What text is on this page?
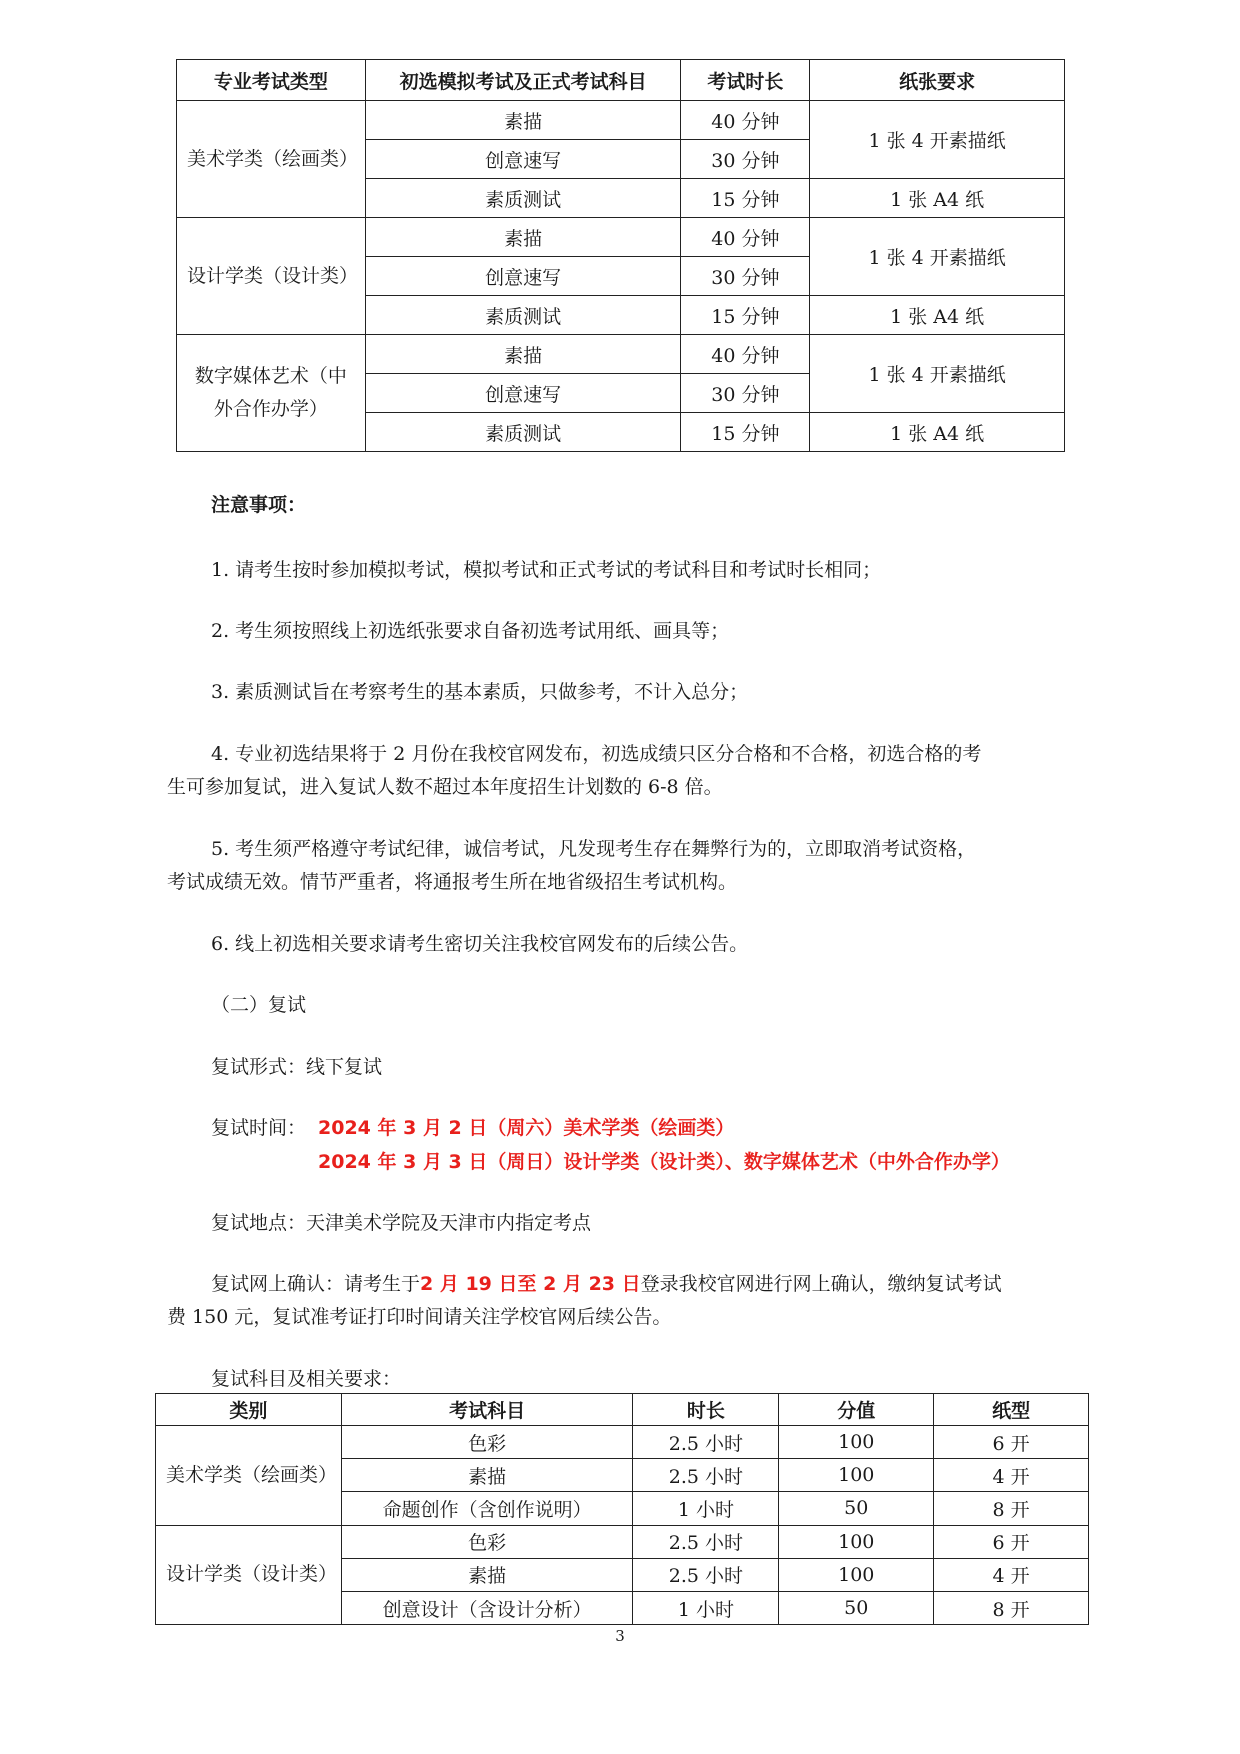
专业考试类型	初选模拟考试及正式考试科目	考试时长	纸张要求
美术学类（绘画类）	素描	40 分钟	1 张 4 开素描纸
	创意速写	30 分钟	
	素质测试	15 分钟	1 张 A4 纸
设计学类（设计类）	素描	40 分钟	1 张 4 开素描纸
	创意速写	30 分钟	
	素质测试	15 分钟	1 张 A4 纸
数字媒体艺术（中外合作办学）	素描	40 分钟	1 张 4 开素描纸
	创意速写	30 分钟	
	素质测试	15 分钟	1 张 A4 纸
注意事项：
1. 请考生按时参加模拟考试，模拟考试和正式考试的考试科目和考试时长相同；
2. 考生须按照线上初选纸张要求自备初选考试用纸、画具等；
3. 素质测试旨在考察考生的基本素质，只做参考，不计入总分；
4. 专业初选结果将于 2 月份在我校官网发布，初选成绩只区分合格和不合格，初选合格的考
生可参加复试，进入复试人数不超过本年度招生计划数的 6-8 倍。
5. 考生须严格遵守考试纪律，诚信考试，凡发现考生存在舞弊行为的，立即取消考试资格，
考试成绩无效。情节严重者，将通报考生所在地省级招生考试机构。
6. 线上初选相关要求请考生密切关注我校官网发布的后续公告。
（二）复试
复试形式：线下复试
复试时间： 2024 年 3 月 2 日（周六）美术学类（绘画类）
2024 年 3 月 3 日（周日）设计学类（设计类）、数字媒体艺术（中外合作办学）
复试地点：天津美术学院及天津市内指定考点
复试网上确认：请考生于2 月 19 日至 2 月 23 日登录我校官网进行网上确认，缴纳复试考试
费 150 元，复试准考证打印时间请关注学校官网后续公告。
复试科目及相关要求：
类别	考试科目	时长	分值	纸型
美术学类（绘画类）	色彩	2.5 小时	100	6 开
	素描	2.5 小时	100	4 开
	命题创作（含创作说明）	1 小时	50	8 开
设计学类（设计类）	色彩	2.5 小时	100	6 开
	素描	2.5 小时	100	4 开
	创意设计（含设计分析）	1 小时	50	8 开
3
